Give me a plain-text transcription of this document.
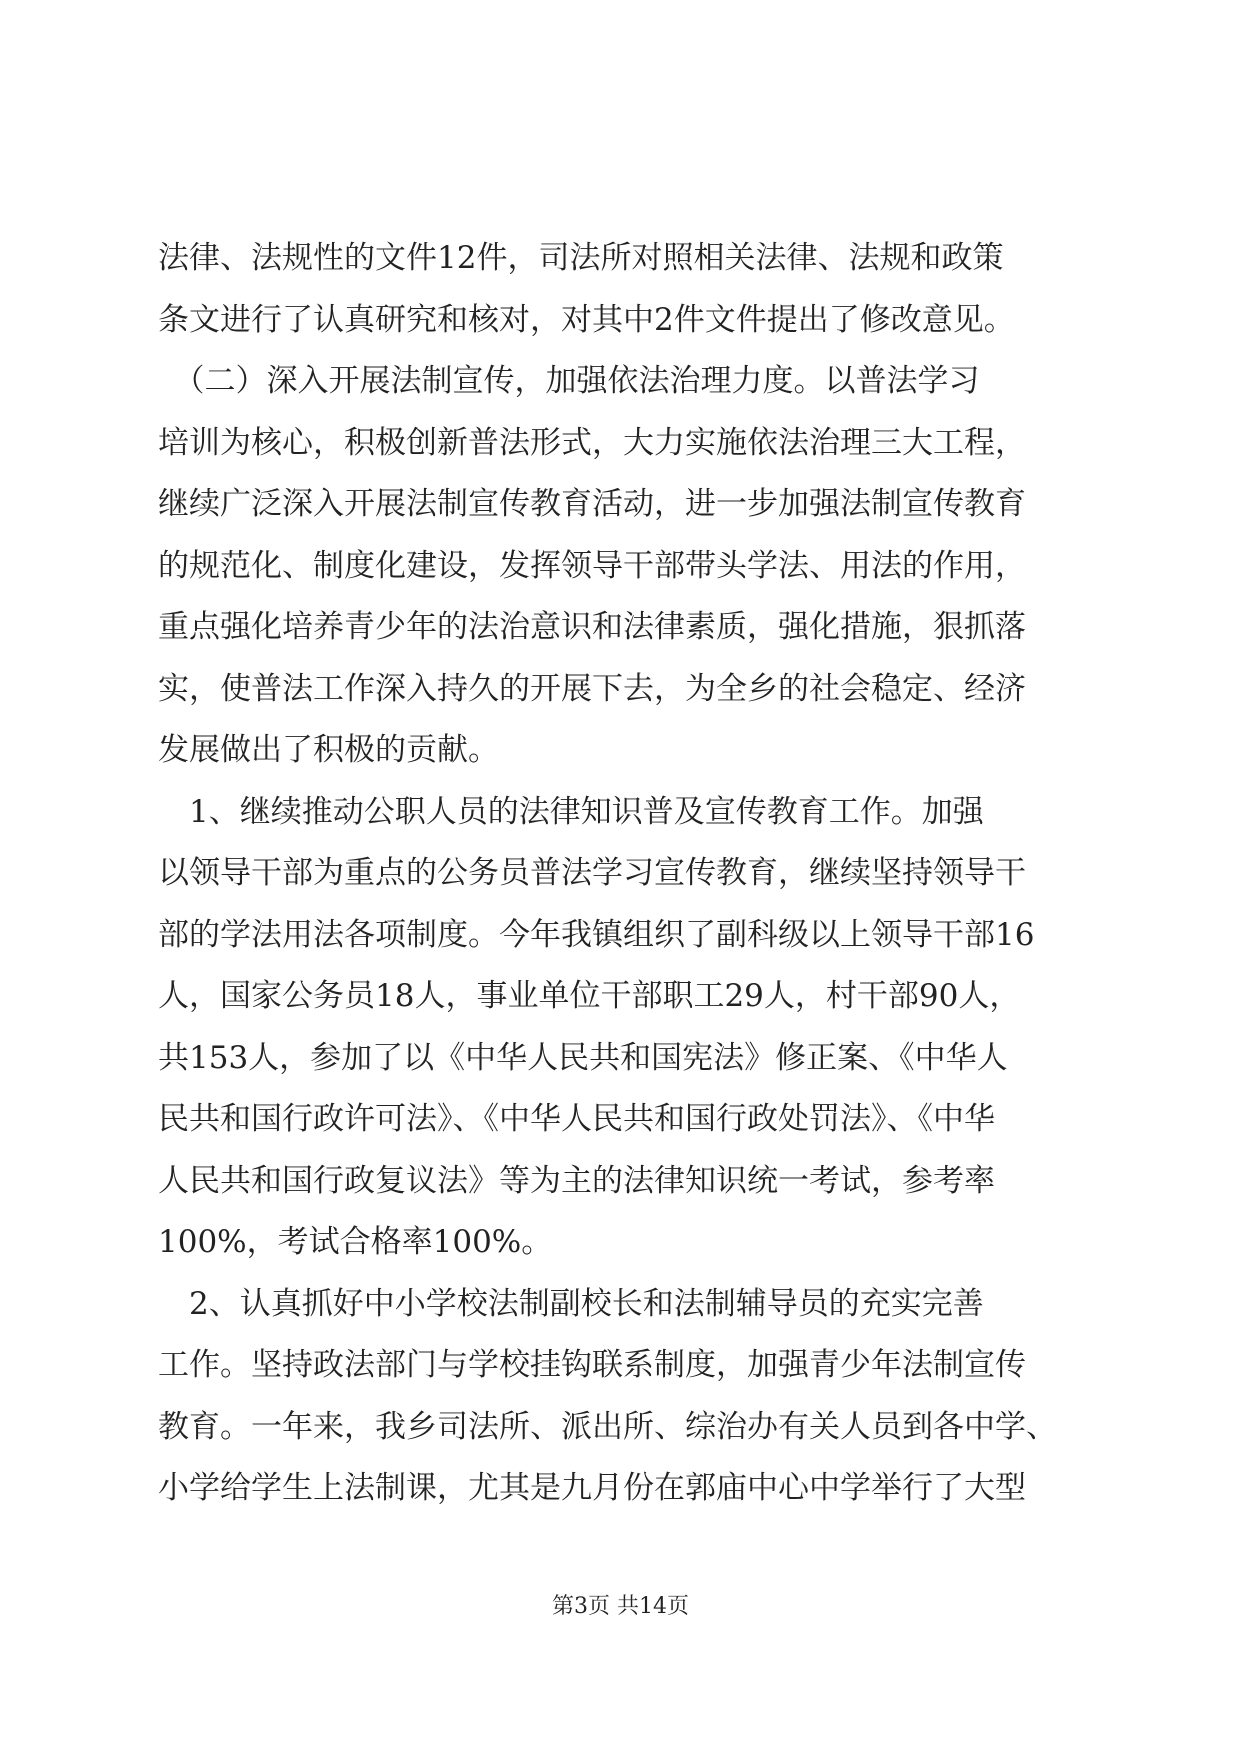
法律、法规性的文件12件，司法所对照相关法律、法规和政策
条文进行了认真研究和核对，对其中2件文件提出了修改意见。
　（二）深入开展法制宣传，加强依法治理力度。以普法学习
培训为核心，积极创新普法形式，大力实施依法治理三大工程，
继续广泛深入开展法制宣传教育活动，进一步加强法制宣传教育
的规范化、制度化建设，发挥领导干部带头学法、用法的作用，
重点强化培养青少年的法治意识和法律素质，强化措施，狠抓落
实，使普法工作深入持久的开展下去，为全乡的社会稳定、经济
发展做出了积极的贡献。
　1、继续推动公职人员的法律知识普及宣传教育工作。加强
以领导干部为重点的公务员普法学习宣传教育，继续坚持领导干
部的学法用法各项制度。今年我镇组织了副科级以上领导干部16
人，国家公务员18人，事业单位干部职工29人，村干部90人，
共153人，参加了以《中华人民共和国宪法》修正案、《中华人
民共和国行政许可法》、《中华人民共和国行政处罚法》、《中华
人民共和国行政复议法》等为主的法律知识统一考试，参考率
100%，考试合格率100%。
　2、认真抓好中小学校法制副校长和法制辅导员的充实完善
工作。坚持政法部门与学校挂钩联系制度，加强青少年法制宣传
教育。一年来，我乡司法所、派出所、综治办有关人员到各中学、
小学给学生上法制课，尤其是九月份在郭庙中心中学举行了大型
第3页 共14页
